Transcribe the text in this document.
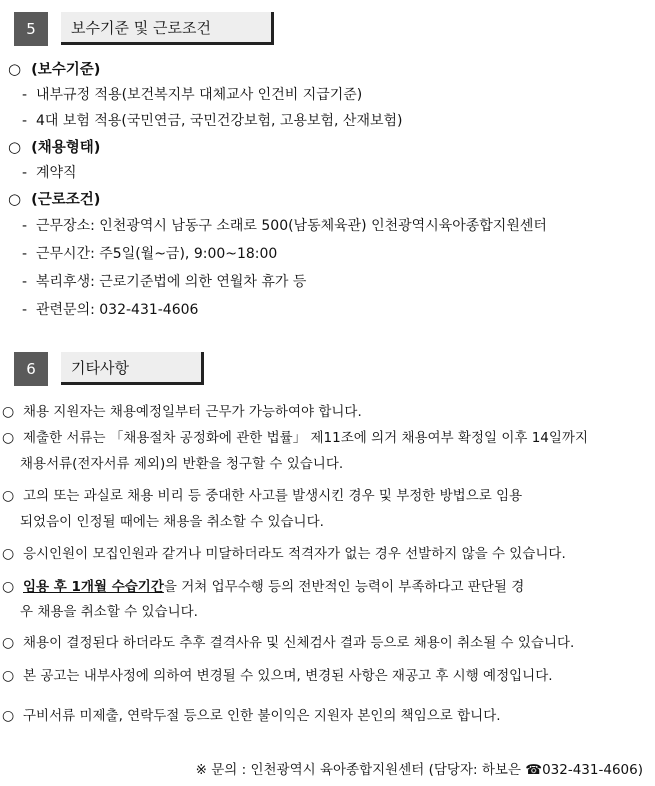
5	보수기준 및 근로조건
○ (보수기준)
- 내부규정 적용(보건복지부 대체교사 인건비 지급기준)
- 4대 보험 적용(국민연금, 국민건강보험, 고용보험, 산재보험)
○ (채용형태)
- 계약직
○ (근로조건)
- 근무장소: 인천광역시 남동구 소래로 500(남동체육관) 인천광역시육아종합지원센터
- 근무시간: 주5일(월~금), 9:00~18:00
- 복리후생: 근로기준법에 의한 연월차 휴가 등
- 관련문의: 032-431-4606
6	기타사항
○ 채용 지원자는 채용예정일부터 근무가 가능하여야 합니다.
○ 제출한 서류는 「채용절차 공정화에 관한 법률」 제11조에 의거 채용여부 확정일 이후 14일까지
채용서류(전자서류 제외)의 반환을 청구할 수 있습니다.
○ 고의 또는 과실로 채용 비리 등 중대한 사고를 발생시킨 경우 및 부정한 방법으로 임용
되었음이 인정될 때에는 채용을 취소할 수 있습니다.
○ 응시인원이 모집인원과 같거나 미달하더라도 적격자가 없는 경우 선발하지 않을 수 있습니다.
○ 임용 후 1개월 수습기간을 거쳐 업무수행 등의 전반적인 능력이 부족하다고 판단될 경
우 채용을 취소할 수 있습니다.
○ 채용이 결정된다 하더라도 추후 결격사유 및 신체검사 결과 등으로 채용이 취소될 수 있습니다.
○ 본 공고는 내부사정에 의하여 변경될 수 있으며, 변경된 사항은 재공고 후 시행 예정입니다.
○ 구비서류 미제출, 연락두절 등으로 인한 불이익은 지원자 본인의 책임으로 합니다.
※ 문의 : 인천광역시 육아종합지원센터 (담당자: 하보은 ☎032-431-4606)
